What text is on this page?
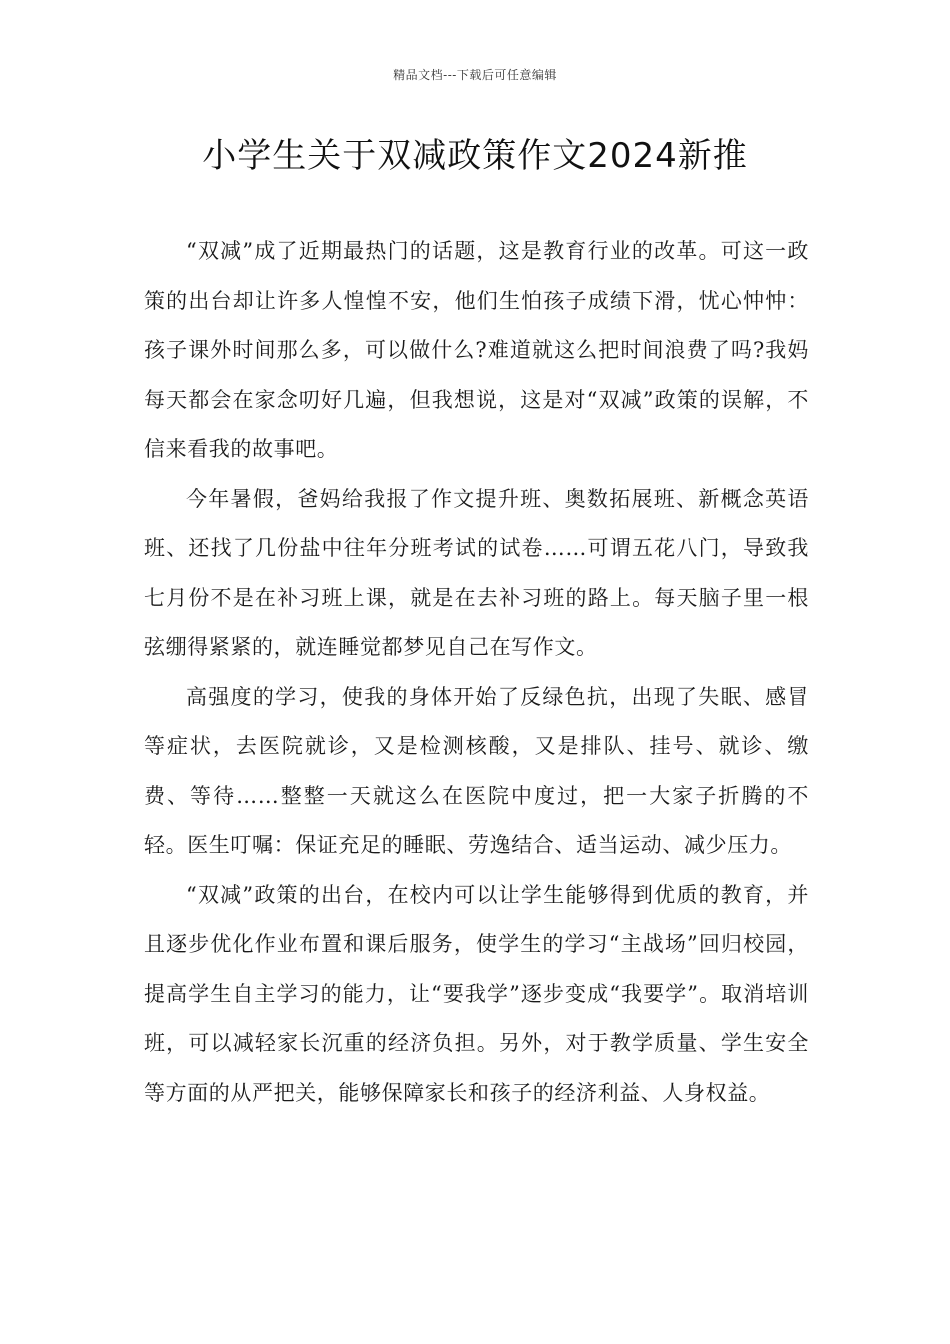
精品文档---下载后可任意编辑
小学生关于双减政策作文2024新推

“双减”成了近期最热门的话题，这是教育行业的改革。可这一政策的出台却让许多人惶惶不安，他们生怕孩子成绩下滑，忧心忡忡：孩子课外时间那么多，可以做什么?难道就这么把时间浪费了吗?我妈每天都会在家念叨好几遍，但我想说，这是对“双减”政策的误解，不信来看我的故事吧。

今年暑假，爸妈给我报了作文提升班、奥数拓展班、新概念英语班、还找了几份盐中往年分班考试的试卷……可谓五花八门，导致我七月份不是在补习班上课，就是在去补习班的路上。每天脑子里一根弦绷得紧紧的，就连睡觉都梦见自己在写作文。

高强度的学习，使我的身体开始了反绿色抗，出现了失眠、感冒等症状，去医院就诊，又是检测核酸，又是排队、挂号、就诊、缴费、等待……整整一天就这么在医院中度过，把一大家子折腾的不轻。医生叮嘱：保证充足的睡眠、劳逸结合、适当运动、减少压力。

“双减”政策的出台，在校内可以让学生能够得到优质的教育，并且逐步优化作业布置和课后服务，使学生的学习“主战场”回归校园，提高学生自主学习的能力，让“要我学”逐步变成“我要学”。取消培训班，可以减轻家长沉重的经济负担。另外，对于教学质量、学生安全等方面的从严把关，能够保障家长和孩子的经济利益、人身权益。
